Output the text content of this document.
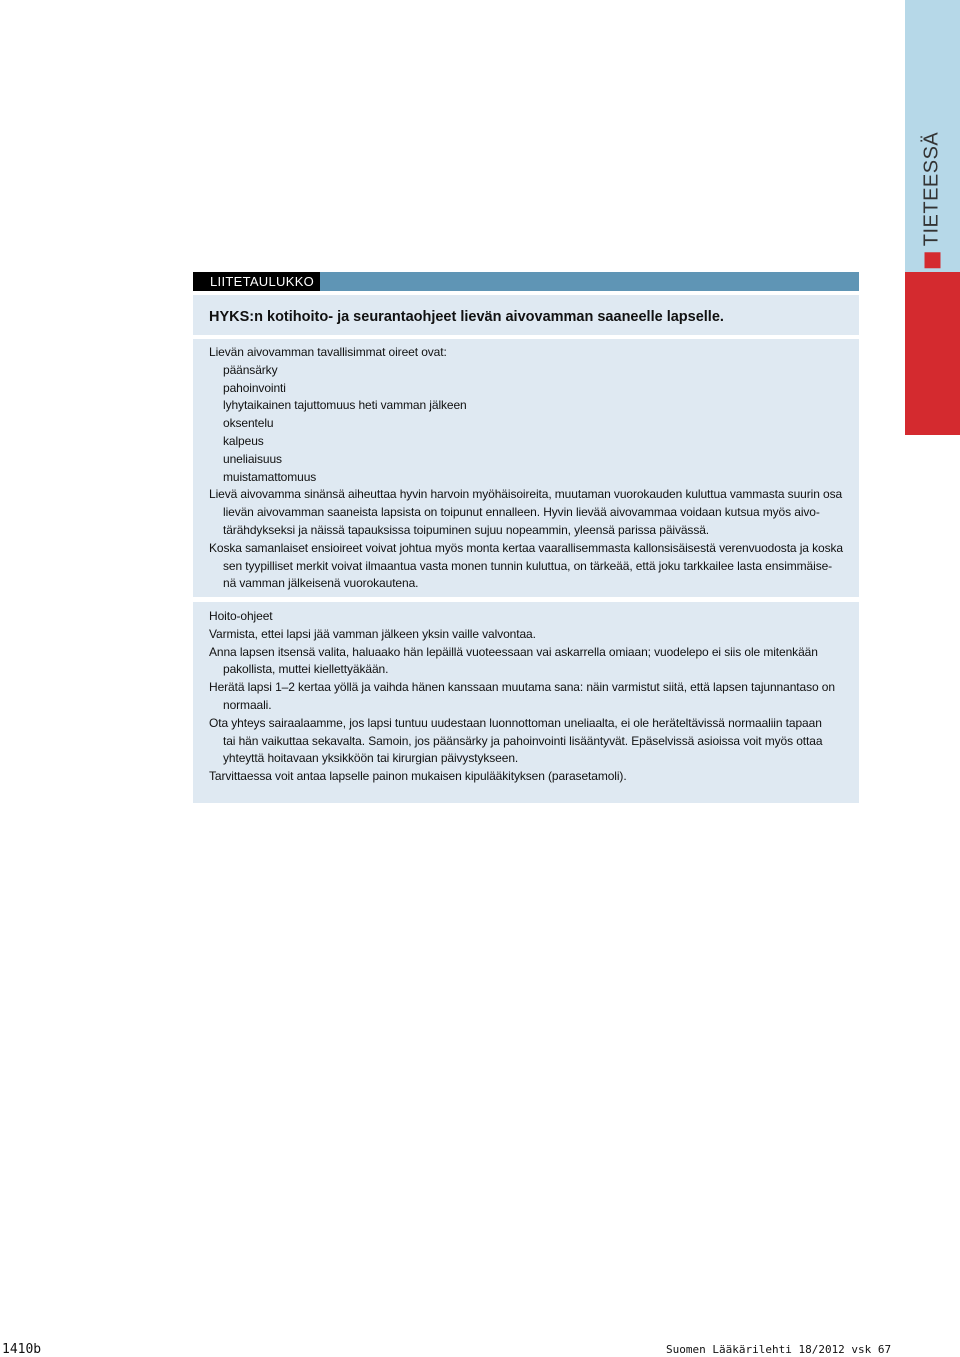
TIETEESSÄ
LIITETAULUKKO
HYKS:n kotihoito- ja seurantaohjeet lievän aivovamman saaneelle lapselle.
Lievän aivovamman tavallisimmat oireet ovat:
päänsärky
pahoinvointi
lyhytaikainen tajuttomuus heti vamman jälkeen
oksentelu
kalpeus
uneliaisuus
muistamattomuus
Lievä aivovamma sinänsä aiheuttaa hyvin harvoin myöhäisoireita, muutaman vuorokauden kuluttua vammasta suurin osa
lievän aivovamman saaneista lapsista on toipunut ennalleen. Hyvin lievää aivovammaa voidaan kutsua myös aivo-
tärähdykseksi ja näissä tapauksissa toipuminen sujuu nopeammin, yleensä parissa päivässä.
Koska samanlaiset ensioireet voivat johtua myös monta kertaa vaarallisemmasta kallonsisäisestä verenvuodosta ja koska
sen tyypilliset merkit voivat ilmaantua vasta monen tunnin kuluttua, on tärkeää, että joku tarkkailee lasta ensimmäise-
nä vamman jälkeisenä vuorokautena.
Hoito-ohjeet
Varmista, ettei lapsi jää vamman jälkeen yksin vaille valvontaa.
Anna lapsen itsensä valita, haluaako hän lepäillä vuoteessaan vai askarrella omiaan; vuodelepo ei siis ole mitenkään
pakollista, muttei kiellettyäkään.
Herätä lapsi 1–2 kertaa yöllä ja vaihda hänen kanssaan muutama sana: näin varmistut siitä, että lapsen tajunnantaso on
normaali.
Ota yhteys sairaalaamme, jos lapsi tuntuu uudestaan luonnottoman uneliaalta, ei ole heräteltävissä normaaliin tapaan
tai hän vaikuttaa sekavalta. Samoin, jos päänsärky ja pahoinvointi lisääntyvät. Epäselvissä asioissa voit myös ottaa
yhteyttä hoitavaan yksikköön tai kirurgian päivystykseen.
Tarvittaessa voit antaa lapselle painon mukaisen kipulääkityksen (parasetamoli).
1410b	Suomen Lääkärilehti 18/2012 vsk 67
